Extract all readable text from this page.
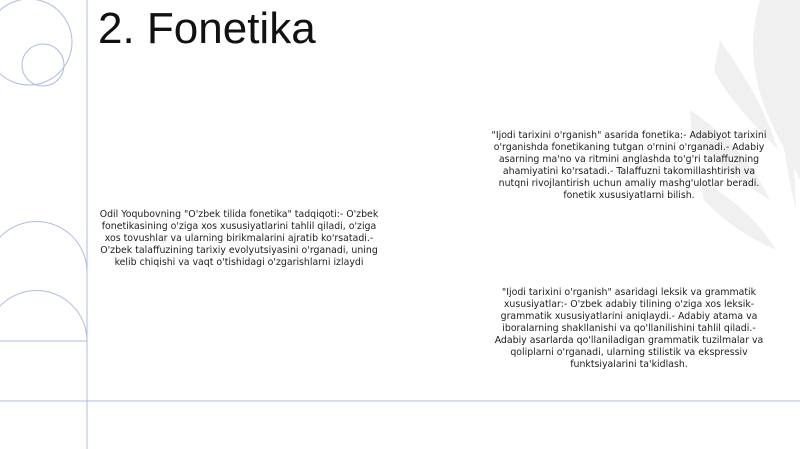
2. Fonetika

"Ijodi tarixini o'rganish" asarida fonetika:- Adabiyot tarixini o'rganishda fonetikaning tutgan o'rnini o'rganadi.- Adabiy asarning ma'no va ritmini anglashda to'g'ri talaffuzning ahamiyatini ko'rsatadi.- Talaffuzni takomillashtirish va nutqni rivojlantirish uchun amaliy mashg'ulotlar beradi. fonetik xususiyatlarni bilish.

Odil Yoqubovning "O'zbek tilida fonetika" tadqiqoti:- O'zbek fonetikasining o'ziga xos xususiyatlarini tahlil qiladi, o'ziga xos tovushlar va ularning birikmalarini ajratib ko'rsatadi.- O'zbek talaffuzining tarixiy evolyutsiyasini o'rganadi, uning kelib chiqishi va vaqt o'tishidagi o'zgarishlarni izlaydi

"Ijodi tarixini o'rganish" asaridagi leksik va grammatik xususiyatlar:- O'zbek adabiy tilining o'ziga xos leksik-grammatik xususiyatlarini aniqlaydi.- Adabiy atama va iboralarning shakllanishi va qo'llanilishini tahlil qiladi.- Adabiy asarlarda qo'llaniladigan grammatik tuzilmalar va qoliplarni o'rganadi, ularning stilistik va ekspressiv funktsiyalarini ta'kidlash.
